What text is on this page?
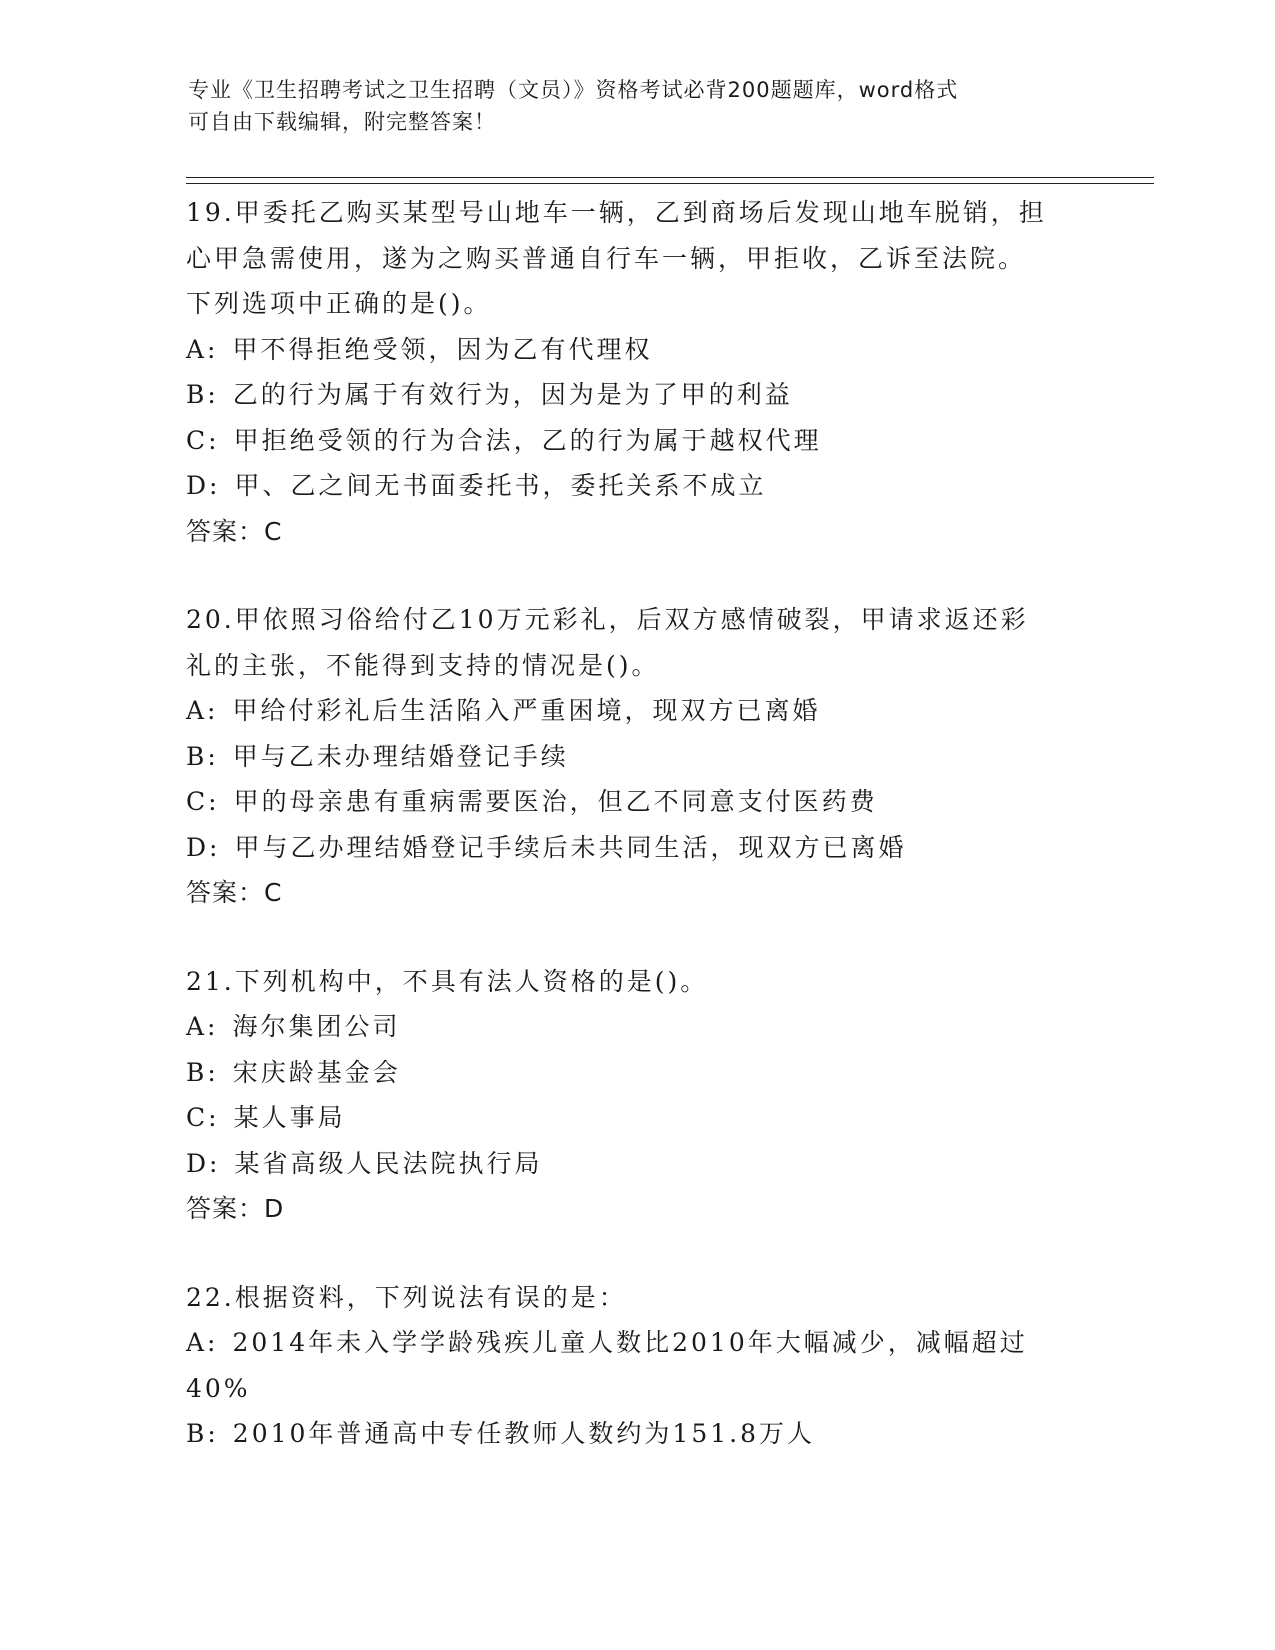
专业《卫生招聘考试之卫生招聘（文员）》资格考试必背200题题库，word格式
可自由下载编辑，附完整答案！
19.甲委托乙购买某型号山地车一辆，乙到商场后发现山地车脱销，担
心甲急需使用，遂为之购买普通自行车一辆，甲拒收，乙诉至法院。
下列选项中正确的是()。
A: 甲不得拒绝受领，因为乙有代理权
B: 乙的行为属于有效行为，因为是为了甲的利益
C: 甲拒绝受领的行为合法，乙的行为属于越权代理
D: 甲、乙之间无书面委托书，委托关系不成立
答案：C
20.甲依照习俗给付乙10万元彩礼，后双方感情破裂，甲请求返还彩
礼的主张，不能得到支持的情况是()。
A: 甲给付彩礼后生活陷入严重困境，现双方已离婚
B: 甲与乙未办理结婚登记手续
C: 甲的母亲患有重病需要医治，但乙不同意支付医药费
D: 甲与乙办理结婚登记手续后未共同生活，现双方已离婚
答案：C
21.下列机构中，不具有法人资格的是()。
A: 海尔集团公司
B: 宋庆龄基金会
C: 某人事局
D: 某省高级人民法院执行局
答案：D
22.根据资料，下列说法有误的是：
A: 2014年未入学学龄残疾儿童人数比2010年大幅减少，减幅超过
40%
B: 2010年普通高中专任教师人数约为151.8万人
